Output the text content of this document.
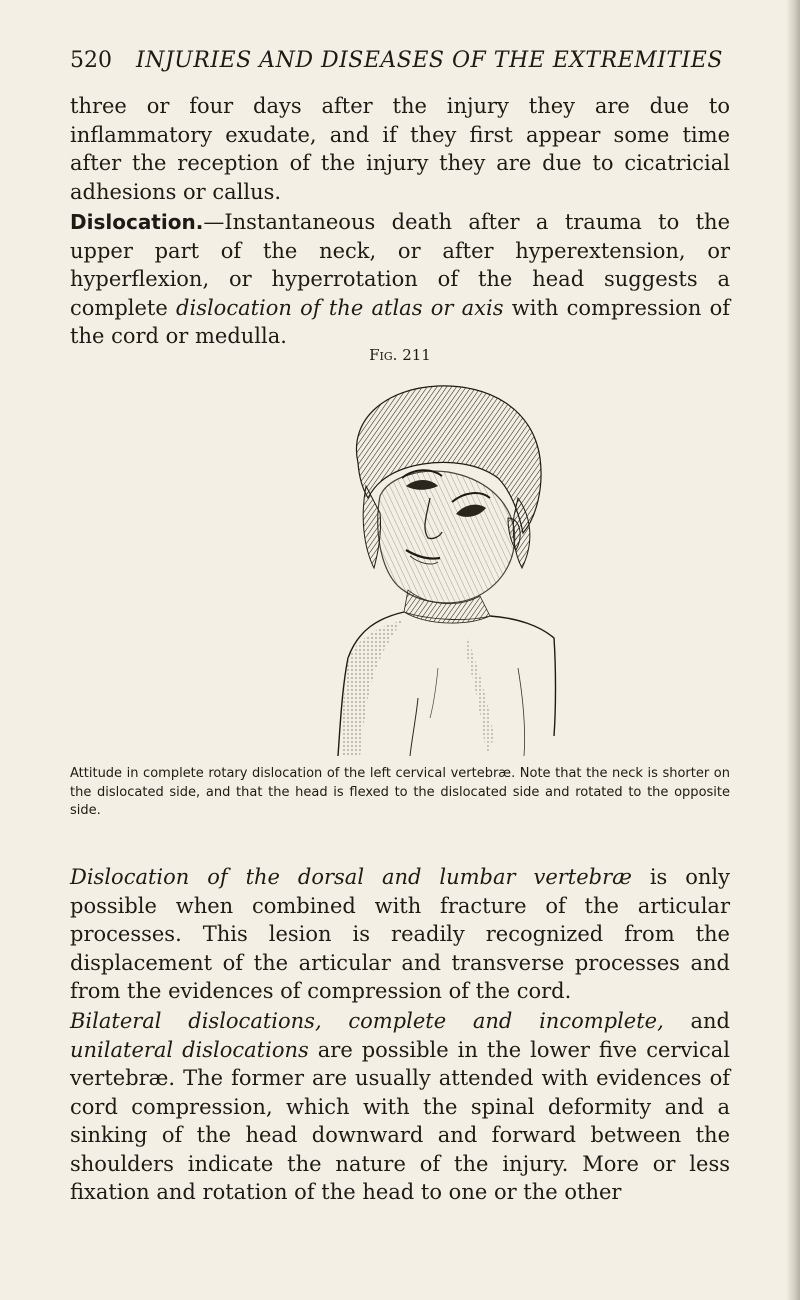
520 INJURIES AND DISEASES OF THE EXTREMITIES

three or four days after the injury they are due to inflammatory exudate, and if they first appear some time after the reception of the injury they are due to cicatricial adhesions or callus.

Dislocation.—Instantaneous death after a trauma to the upper part of the neck, or after hyperextension, or hyperflexion, or hyperrotation of the head suggests a complete dislocation of the atlas or axis with compression of the cord or medulla.

Fig. 211

Attitude in complete rotary dislocation of the left cervical vertebræ. Note that the neck is shorter on the dislocated side, and that the head is flexed to the dislocated side and rotated to the opposite side.

Dislocation of the dorsal and lumbar vertebræ is only possible when combined with fracture of the articular processes. This lesion is readily recognized from the displacement of the articular and transverse processes and from the evidences of compression of the cord.

Bilateral dislocations, complete and incomplete, and unilateral dislocations are possible in the lower five cervical vertebræ. The former are usually attended with evidences of cord compression, which with the spinal deformity and a sinking of the head downward and forward between the shoulders indicate the nature of the injury. More or less fixation and rotation of the head to one or the other
